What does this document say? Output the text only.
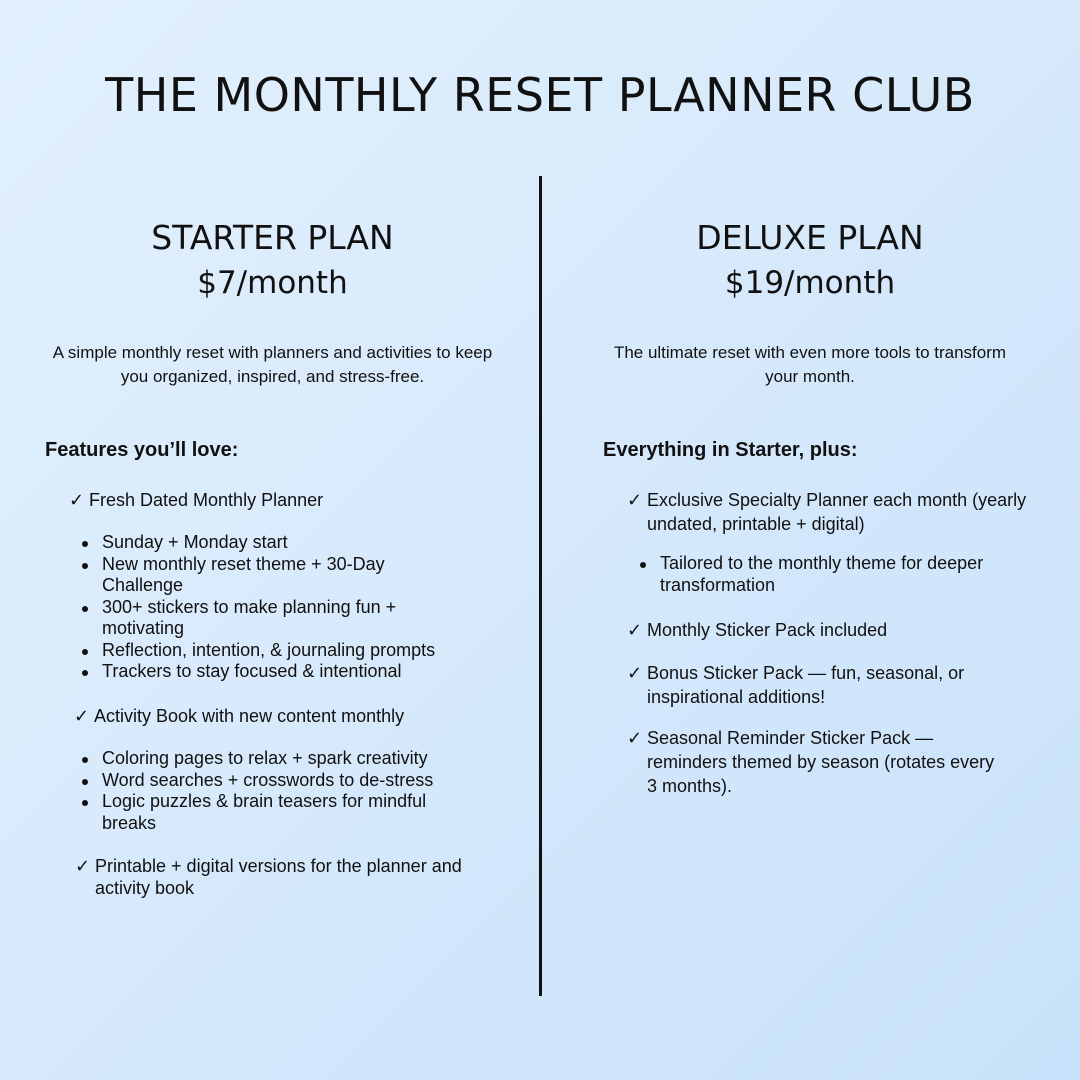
THE MONTHLY RESET PLANNER CLUB
STARTER PLAN
$7/month
A simple monthly reset with planners and activities to keep you organized, inspired, and stress-free.
Features you’ll love:
✓ Fresh Dated Monthly Planner
Sunday + Monday start
New monthly reset theme + 30-Day Challenge
300+ stickers to make planning fun + motivating
Reflection, intention, & journaling prompts
Trackers to stay focused & intentional
✓ Activity Book with new content monthly
Coloring pages to relax + spark creativity
Word searches + crosswords to de-stress
Logic puzzles & brain teasers for mindful breaks
✓ Printable + digital versions for the planner and activity book
DELUXE PLAN
$19/month
The ultimate reset with even more tools to transform your month.
Everything in Starter, plus:
✓ Exclusive Specialty Planner each month (yearly undated, printable + digital)
Tailored to the monthly theme for deeper transformation
✓ Monthly Sticker Pack included
✓ Bonus Sticker Pack — fun, seasonal, or inspirational additions!
✓ Seasonal Reminder Sticker Pack — reminders themed by season (rotates every 3 months).
